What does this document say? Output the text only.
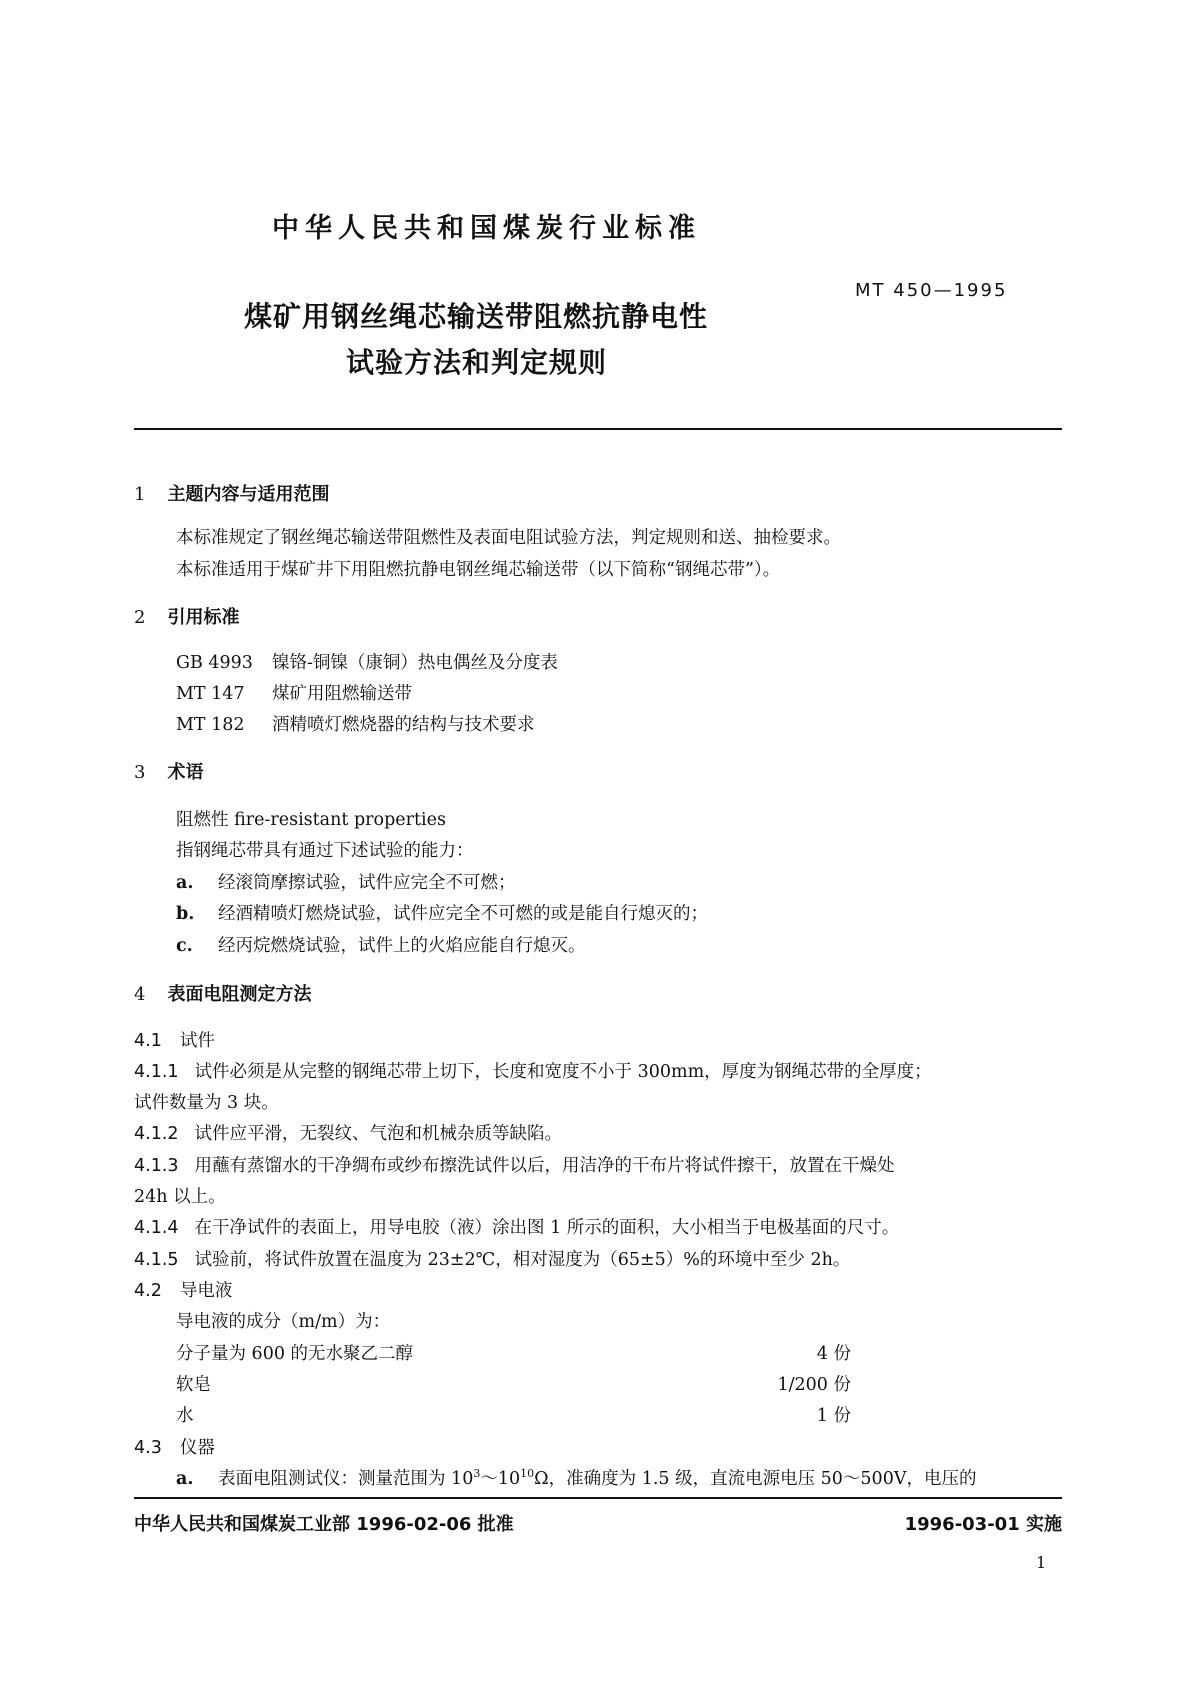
中华人民共和国煤炭行业标准
煤矿用钢丝绳芯输送带阻燃抗静电性
试验方法和判定规则
MT 450—1995
1 主题内容与适用范围
本标准规定了钢丝绳芯输送带阻燃性及表面电阻试验方法，判定规则和送、抽检要求。
本标准适用于煤矿井下用阻燃抗静电钢丝绳芯输送带（以下简称“钢绳芯带”）。
2 引用标准
GB 4993 镍铬-铜镍（康铜）热电偶丝及分度表
MT 147 煤矿用阻燃输送带
MT 182 酒精喷灯燃烧器的结构与技术要求
3 术语
阻燃性 fire-resistant properties
指钢绳芯带具有通过下述试验的能力：
a. 经滚筒摩擦试验，试件应完全不可燃；
b. 经酒精喷灯燃烧试验，试件应完全不可燃的或是能自行熄灭的；
c. 经丙烷燃烧试验，试件上的火焰应能自行熄灭。
4 表面电阻测定方法
4.1 试件
4.1.1 试件必须是从完整的钢绳芯带上切下，长度和宽度不小于 300mm，厚度为钢绳芯带的全厚度；
试件数量为 3 块。
4.1.2 试件应平滑，无裂纹、气泡和机械杂质等缺陷。
4.1.3 用蘸有蒸馏水的干净绸布或纱布擦洗试件以后，用洁净的干布片将试件擦干，放置在干燥处
24h 以上。
4.1.4 在干净试件的表面上，用导电胶（液）涂出图 1 所示的面积，大小相当于电极基面的尺寸。
4.1.5 试验前，将试件放置在温度为 23±2℃，相对湿度为（65±5）%的环境中至少 2h。
4.2 导电液
导电液的成分（m/m）为：
分子量为 600 的无水聚乙二醇	4 份
软皂	1/200 份
水	1 份
4.3 仪器
a. 表面电阻测试仪：测量范围为 $10^3\sim 10^{10}\Omega$，准确度为 1.5 级，直流电源电压 50～500V，电压的
中华人民共和国煤炭工业部 1996-02-06 批准	1996-03-01 实施
1
